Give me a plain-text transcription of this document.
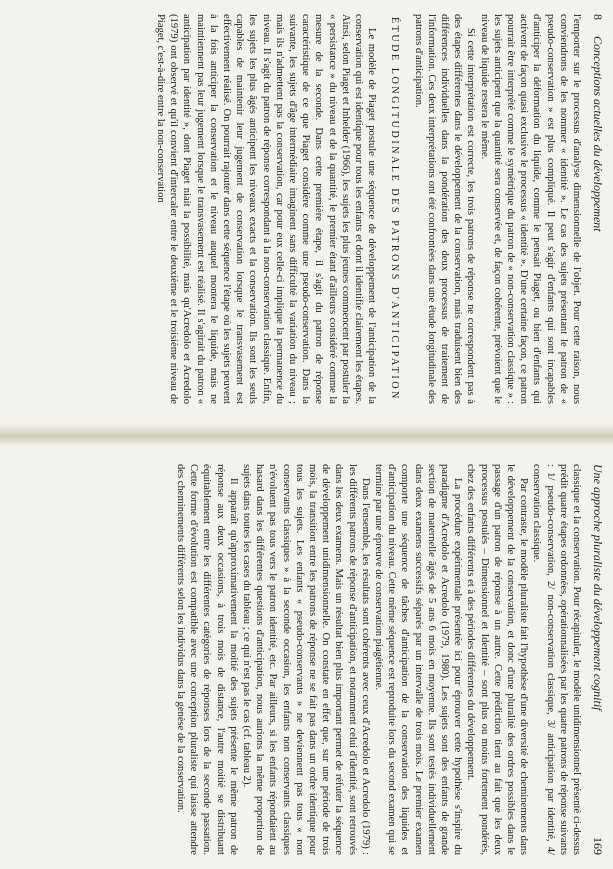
8
Conceptions actuelles du développement

l'emporter sur le processus d'analyse dimensionnelle de l'objet. Pour cette raison, nous conviendrons de les nommer « identité ». Le cas des sujets présentant le patron de « pseudo-conservation » est plus compliqué. Il peut s'agir d'enfants qui sont incapables d'anticiper la déformation du liquide, comme le pensait Piaget, ou bien d'enfants qui activent de façon quasi exclusive le processus « identité ». D'une certaine façon, ce patron pourrait être interprété comme le symétrique du patron de « non-conservation classique » : les sujets anticipent que la quantité sera conservée et, de façon cohérente, prévoient que le niveau de liquide restera le même.

Si cette interprétation est correcte, les trois patrons de réponse ne correspondent pas à des étapes différentes dans le développement de la conservation, mais traduisent bien des différences individuelles dans la pondération des deux processus de traitement de l'information. Ces deux interprétations ont été confrontées dans une étude longitudinale des patrons d'anticipation.

ÉTUDE LONGITUDINALE DES PATRONS D'ANTICIPATION

Le modèle de Piaget postule une séquence de développement de l'anticipation de la conservation qui est identique pour tous les enfants et dont il identifie clairement les étapes. Ainsi, selon Piaget et Inhelder (1966), les sujets les plus jeunes commencent par postuler la « persistance » du niveau et de la quantité, le premier étant d'ailleurs considéré comme la mesure de la seconde. Dans cette première étape, il s'agit du patron de réponse caractéristique de ce que Piaget considère comme une pseudo-conservation. Dans la suivante, les sujets d'âge intermédiaire imaginent sans difficulté la variation du niveau ; mais ils n'admettent pas la conservation, car pour eux celle-ci implique la permanence du niveau. Il s'agit du patron de réponse correspondant à la non-conservation classique. Enfin, les sujets les plus âgés anticipent les niveaux exacts et la conservation. Ils sont les seuls capables de maintenir leur jugement de conservation lorsque le transvasement est effectivement réalisé. On pourrait rajouter dans cette séquence l'étape où les sujets peuvent à la fois anticiper la conservation et le niveau auquel montera le liquide, mais ne maintiennent pas leur jugement lorsque le transvasement est réalisé. Il s'agirait du patron « anticipation par identité », dont Piaget niait la possibilité, mais qu'Acredolo et Acredolo (1979) ont observé et qu'il convient d'intercaler entre le deuxième et le troisième niveau de Piaget, c'est-à-dire entre la non-conservation

Une approche pluraliste du développement cognitif
169

classique et la conservation. Pour récapituler, le modèle unidimensionnel présenté ci-dessus prédit quatre étapes ordonnées, opérationnalisées par les quatre patrons de réponse suivants : 1/ pseudo-conservation, 2/ non-conservation classique, 3/ anticipation par identité, 4/ conservation classique.

Par contraste, le modèle pluraliste fait l'hypothèse d'une diversité de cheminements dans le développement de la conservation, et donc d'une pluralité des ordres possibles dans le passage d'un patron de réponse à un autre. Cette prédiction tient au fait que les deux processus postulés – Dimensionnel et Identité – sont plus ou moins fortement pondérés, chez des enfants différents et à des périodes différentes du développement.

La procédure expérimentale présentée ici pour éprouver cette hypothèse s'inspire du paradigme d'Acredolo et Acredolo (1979, 1980). Les sujets sont des enfants de grande section de maternelle âgés de 5 ans 6 mois en moyenne. Ils sont testés individuellement dans deux examens successifs séparés par un intervalle de trois mois. Le premier examen comporte une séquence de tâches d'anticipation de la conservation des liquides et d'anticipation du niveau. Cette même séquence est reproduite lors du second examen qui se termine par une épreuve de conservation piagétienne.

Dans l'ensemble, les résultats sont cohérents avec ceux d'Acredolo et Acredolo (1979) : les différents patrons de réponse d'anticipation, et notamment celui d'identité, sont retrouvés dans les deux examens. Mais un résultat bien plus important permet de réfuter la séquence de développement unidimensionnelle. On constate en effet que, sur une période de trois mois, la transition entre les patrons de réponse ne se fait pas dans un ordre identique pour tous les sujets. Les enfants « pseudo-conservants » ne deviennent pas tous « non conservants classiques » à la seconde occasion, les enfants non conservants classiques n'évoluent pas tous vers le patron identité, etc. Par ailleurs, si les enfants répondaient au hasard dans les différentes questions d'anticipation, nous aurions la même proportion de sujets dans toutes les cases du tableau ; ce qui n'est pas le cas (cf. tableau 2).

Il apparaît qu'approximativement la moitié des sujets présente le même patron de réponse aux deux occasions, à trois mois de distance, l'autre moitié se distribuant équitablement entre les différentes catégories de réponses lors de la seconde passation. Cette forme d'évolution est compatible avec une conception pluraliste qui laisse attendre des cheminements différents selon les individus dans la genèse de la conservation.
